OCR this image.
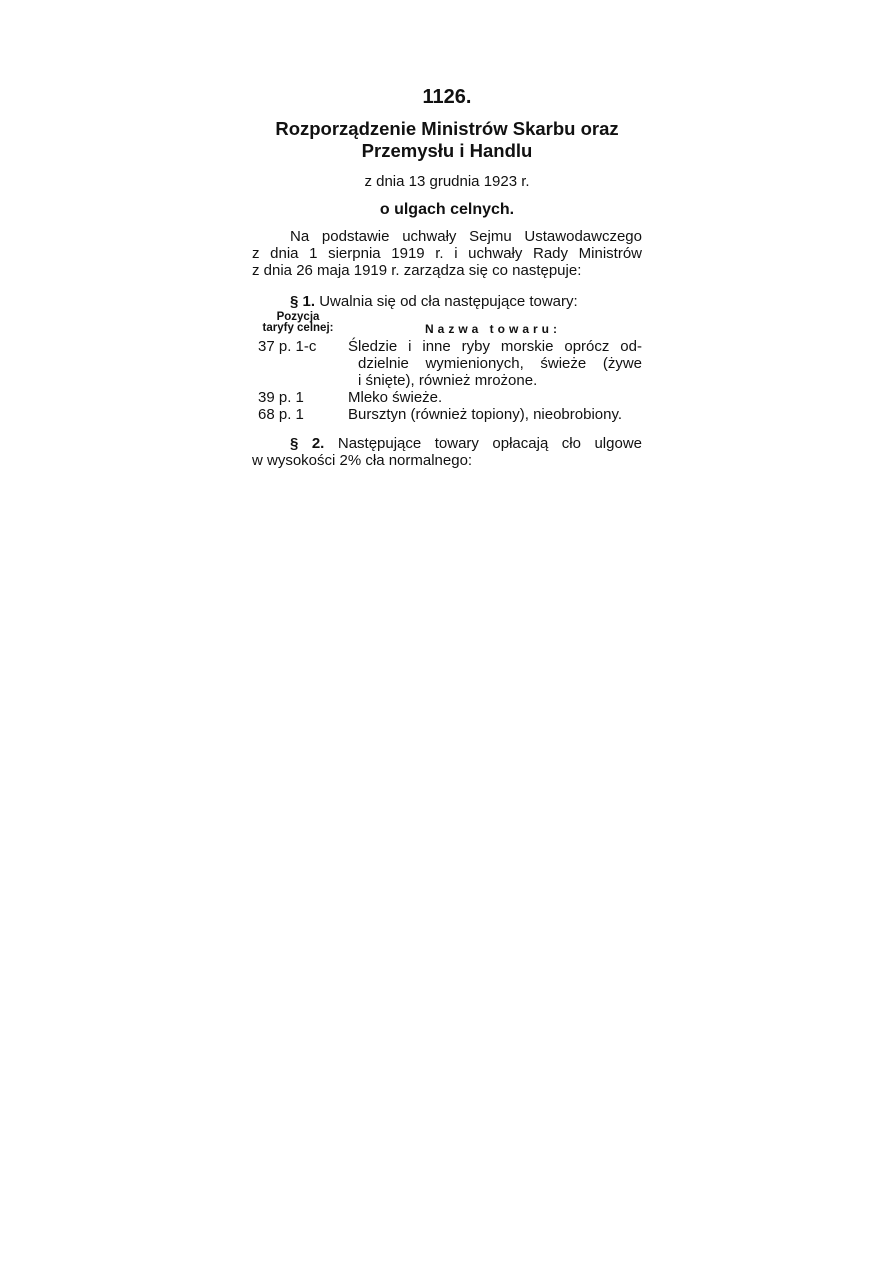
1126.

Rozporządzenie Ministrów Skarbu oraz
Przemysłu i Handlu

z dnia 13 grudnia 1923 r.

o ulgach celnych.

Na podstawie uchwały Sejmu Ustawodawczego
z dnia 1 sierpnia 1919 r. i uchwały Rady Ministrów
z dnia 26 maja 1919 r. zarządza się co następuje:
§ 1. Uwalnia się od cła następujące towary:
Pozycja
taryfy celnej:	Nazwa towaru:
37 p. 1-c	Śledzie i inne ryby morskie oprócz od-
dzielnie wymienionych, świeże (żywe
i śnięte), również mrożone.
39 p. 1	Mleko świeże.
68 p. 1	Bursztyn (również topiony), nieobrobiony.
§ 2. Następujące towary opłacają cło ulgowe
w wysokości 2% cła normalnego:
